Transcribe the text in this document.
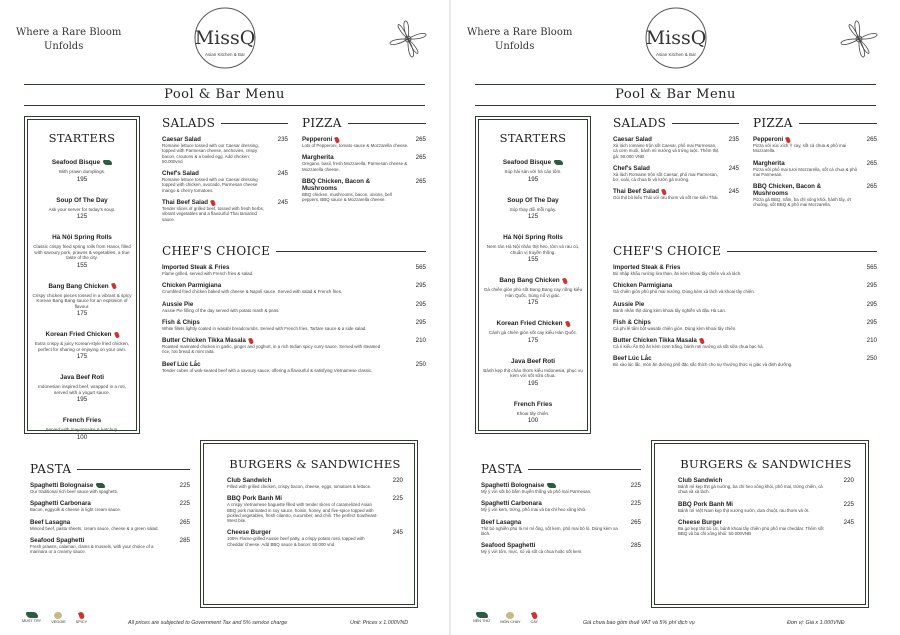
Where a Rare Bloom
Unfolds	MissQ
Asian Kitchen & Bar
Pool & Bar Menu
STARTERS
Seafood Bisque
With prawn dumplings.
195
Soup Of The Day
Ask your server for today's soup.
125
Hà Nội Spring Rolls
Classic crispy fried spring rolls from Hanoi, filled with savoury pork, prawns & vegetables, a true taste of the city.
155
Bang Bang Chicken
Crispy chicken pieces tossed in a vibrant & spicy Korean Bang Bang sauce for an explosion of flavour.
175
Korean Fried Chicken
Extra crispy & juicy Korean-style fried chicken, perfect for sharing or enjoying on your own.
175
Java Beef Roti
Indonesian inspired beef, wrapped in a roti, served with a yogurt sauce.
195
French Fries
Served with mayonnaise & ketchup.
100
SALADS
Caesar Salad	235
Romaine lettuce tossed with our Caesar dressing, topped with Parmesan cheese, anchovies, crispy bacon, croutons & a boiled egg. Add chicken: 50.000vnd
Chef's Salad	245
Romaine lettuce tossed with our Caesar dressing topped with chicken, avocado, Parmesan cheese mango & cherry tomatoes.
Thai Beef Salad	245
Tender slices of grilled beef, tossed with fresh herbs, vibrant vegetables and a flavourful Thai tamarind sauce.
PIZZA
Pepperoni	265
Lots of Pepperoni, tomato sauce & Mozzarella cheese.
Margherita	265
Oregano, basil, fresh Mozzarella, Parmesan cheese & Mozzarella cheese.
BBQ Chicken, Bacon & Mushrooms
265
BBQ chicken, mushrooms, bacon, onions, bell peppers, BBQ sauce & Mozzarella cheese.
CHEF'S CHOICE
Imported Steak & Fries	565
Flame grilled, served with French fries & salad.
Chicken Parmigiana	295
Crumbled fried chicken baked with cheese & Napoli sauce. Served with salad & French fries.
Aussie Pie	295
Aussie Pie filling of the day served with potato mash & peas.
Fish & Chips	295
White fillets lightly coated in wasabi breadcrumbs. Served with French fries, Tartare sauce & a side salad.
Butter Chicken Tikka Masala	210
Roasted marinated chicken in garlic, ginger and yoghurt, in a rich Indian spicy curry sauce. Served with steamed rice, roti bread & mint raita.
Beef Lúc Lắc	250
Tender cubes of wok-seared beef with a savoury sauce, offering a flavourful & satisfying Vietnamese classic.
PASTA
Spaghetti Bolognaise	225
Our traditional rich beef sauce with spaghetti.
Spaghetti Carbonara	225
Bacon, eggyolk & cheese in light cream sauce.
Beef Lasagna	265
Minced beef, pasta sheets, cream sauce, cheese & a green salad.
Seafood Spaghetti	285
Fresh prawns, calamari, clams & mussels, with your choice of a marinara or a creamy sauce.
BURGERS & SANDWICHES
Club Sandwich	220
Filled with grilled chicken, crispy bacon, cheese, eggs, tomatoes & lettuce.
BBQ Pork Banh Mi	225
A crispy Vietnamese baguette filled with tender slices of caramelized Asian BBQ pork marinated in soy sauce, hoisin, honey, and five-spice topped with pickled vegetables, fresh cilantro, cucumber, and chili. The perfect Southeast-West bite.
Cheese Burger	245
100% Flame-grilled Aussie beef patty, a crispy potato rosti, topped with Cheddar cheese. Add BBQ sauce & bacon: 50.000 vnd
MUST TRY	VEGGIE	SPICY	All prices are subjected to Government Tax and 5% service charge	Unit: Prices x 1.000VND
Where a Rare Bloom
Unfolds	MissQ
Asian Kitchen & Bar
Pool & Bar Menu
STARTERS
Seafood Bisque
Súp hải sản với há cảo tôm.
195
Soup Of The Day
Súp thay đổi mỗi ngày.
125
Hà Nội Spring Rolls
Nem rán Hà Nội nhân thịt heo, tôm và rau củ, chuẩn vị truyền thống.
155
Bang Bang Chicken
Gà chiên giòn phủ sốt Bang Bang cay nồng kiểu Hàn Quốc, bùng nổ vị giác.
175
Korean Fried Chicken
Cánh gà chiên giòn sốt cay kiểu Hàn Quốc.
175
Java Beef Roti
Bánh kẹp thịt chảo thơm kiểu Indonesia, phục vụ kèm với sốt sữa chua.
195
French Fries
Khoai tây chiên.
100
SALADS
Caesar Salad	235
Xà lách romaine trộn sốt Caesar, phô mai Parmesan, cá cơm muối, bánh mì nướng và trứng luộc. Thêm thịt gà: 50.000 VNĐ
Chef's Salad	245
Xà lách Romaine trộn sốt Caesar, phô mai Parmesan, bơ, xoài, cà chua bi và lườn gà nướng.
Thai Beef Salad	245
Gỏi thịt bò kiểu Thái với rau thơm và sốt me kiểu Thái.
PIZZA
Pepperoni	265
Pizza với xúc xích Ý cay, sốt cà chua & phô mai Mozzarella.
Margherita	265
Pizza với phô mai tươi Mozzarella, sốt cà chua & phô mai Parmesan.
BBQ Chicken, Bacon & Mushrooms
265
Pizza gà BBQ, nấm, ba chỉ xông khói, hành tây, ớt chuông, sốt BBQ & phô mai Mozzarella.
CHEF'S CHOICE
Imported Steak & Fries	565
Bò nhập khẩu nướng lửa than, ăn kèm khoai tây chiên và xà lách.
Chicken Parmigiana	295
Gà chiên giòn phủ phô mai nướng. Dùng kèm xà lách và khoai tây chiên.
Aussie Pie	295
Bánh nhân thịt dùng kèm khoai tây nghiền và đậu Hà Lan.
Fish & Chips	295
Cá phi lê tẩm bột wasabi chiên giòn. Dùng kèm khoai tây chiên.
Butter Chicken Tikka Masala	210
Cà ri kiểu Ấn Độ ăn kèm cơm trắng, bánh roti nướng và sốt sữa chua bạc hà.
Beef Lúc Lắc	250
Bò xào lúc lắc, món ăn đường phố đặc sắc thích cho sự thưởng thức vị giác và đinh dưỡng.
PASTA
Spaghetti Bolognaise	225
Mỳ ý với sốt bò bằm truyền thống và phô mai Parmesan.
Spaghetti Carbonara	225
Mỳ ý với kem, trứng, phô mai và ba chỉ heo xông khói.
Beef Lasagna	265
Thịt bò nghiền phủ lá mì mì ống, sốt kem, phô mai bỏ lò. Dùng kèm xa lách.
Seafood Spaghetti	285
Mỳ ý với tôm, mực, sò và sốt cà chua hoặc sốt kem.
BURGERS & SANDWICHES
Club Sandwich	220
Bánh mì kẹp thịt gà nướng, ba chỉ heo xông khói, phô mai, trứng chiên, cà chua và xà lách.
BBQ Pork Banh Mi	225
Bánh mì Việt Nam kẹp thịt xương sườn, dưa chuột, rau thơm và ớt.
Cheese Burger	245
Ba gơ kẹp thịt bò Úc, bánh khoai tây chiên phủ phô mai cheddar. Thêm sốt BBQ và ba chỉ xông khói: 50.000VNĐ
NÊN THỬ	MÓN CHAY	CAY	Giá chưa bao gồm thuế VAT và 5% phí dịch vụ	Đơn vị: Giá x 1.000VNĐ
